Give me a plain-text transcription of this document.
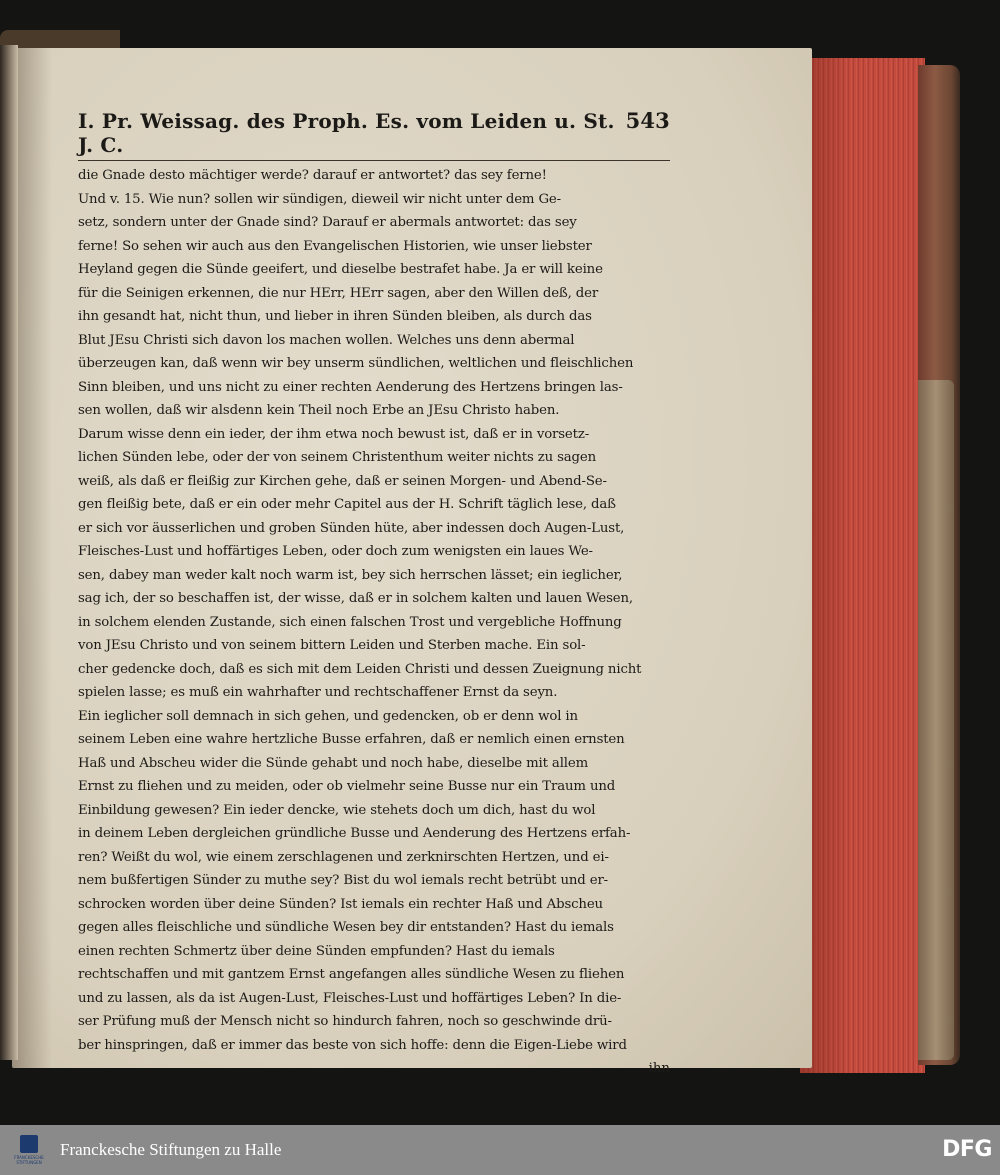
I. Pr. Weissag. des Proph. Es. vom Leiden u. St. J. C.
543
die Gnade desto mächtiger werde? darauf er antwortet? das sey ferne!
Und v. 15. Wie nun? sollen wir sündigen, dieweil wir nicht unter dem Ge-
setz, sondern unter der Gnade sind? Darauf er abermals antwortet: das sey
ferne! So sehen wir auch aus den Evangelischen Historien, wie unser liebster
Heyland gegen die Sünde geeifert, und dieselbe bestrafet habe. Ja er will keine
für die Seinigen erkennen, die nur HErr, HErr sagen, aber den Willen deß, der
ihn gesandt hat, nicht thun, und lieber in ihren Sünden bleiben, als durch das
Blut JEsu Christi sich davon los machen wollen. Welches uns denn abermal
überzeugen kan, daß wenn wir bey unserm sündlichen, weltlichen und fleischlichen
Sinn bleiben, und uns nicht zu einer rechten Aenderung des Hertzens bringen las-
sen wollen, daß wir alsdenn kein Theil noch Erbe an JEsu Christo haben.
Darum wisse denn ein ieder, der ihm etwa noch bewust ist, daß er in vorsetz-
lichen Sünden lebe, oder der von seinem Christenthum weiter nichts zu sagen
weiß, als daß er fleißig zur Kirchen gehe, daß er seinen Morgen- und Abend-Se-
gen fleißig bete, daß er ein oder mehr Capitel aus der H. Schrift täglich lese, daß
er sich vor äusserlichen und groben Sünden hüte, aber indessen doch Augen-Lust,
Fleisches-Lust und hoffärtiges Leben, oder doch zum wenigsten ein laues We-
sen, dabey man weder kalt noch warm ist, bey sich herrschen lässet; ein ieglicher,
sag ich, der so beschaffen ist, der wisse, daß er in solchem kalten und lauen Wesen,
in solchem elenden Zustande, sich einen falschen Trost und vergebliche Hoffnung
von JEsu Christo und von seinem bittern Leiden und Sterben mache. Ein sol-
cher gedencke doch, daß es sich mit dem Leiden Christi und dessen Zueignung nicht
spielen lasse; es muß ein wahrhafter und rechtschaffener Ernst da seyn.
Ein ieglicher soll demnach in sich gehen, und gedencken, ob er denn wol in
seinem Leben eine wahre hertzliche Busse erfahren, daß er nemlich einen ernsten
Haß und Abscheu wider die Sünde gehabt und noch habe, dieselbe mit allem
Ernst zu fliehen und zu meiden, oder ob vielmehr seine Busse nur ein Traum und
Einbildung gewesen? Ein ieder dencke, wie stehets doch um dich, hast du wol
in deinem Leben dergleichen gründliche Busse und Aenderung des Hertzens erfah-
ren? Weißt du wol, wie einem zerschlagenen und zerknirschten Hertzen, und ei-
nem bußfertigen Sünder zu muthe sey? Bist du wol iemals recht betrübt und er-
schrocken worden über deine Sünden? Ist iemals ein rechter Haß und Abscheu
gegen alles fleischliche und sündliche Wesen bey dir entstanden? Hast du iemals
einen rechten Schmertz über deine Sünden empfunden? Hast du iemals
rechtschaffen und mit gantzem Ernst angefangen alles sündliche Wesen zu fliehen
und zu lassen, als da ist Augen-Lust, Fleisches-Lust und hoffärtiges Leben? In die-
ser Prüfung muß der Mensch nicht so hindurch fahren, noch so geschwinde drü-
ber hinspringen, daß er immer das beste von sich hoffe: denn die Eigen-Liebe wird
ihn
FRANCKESCHE STIFTUNGEN
Franckesche Stiftungen zu Halle	DFG
